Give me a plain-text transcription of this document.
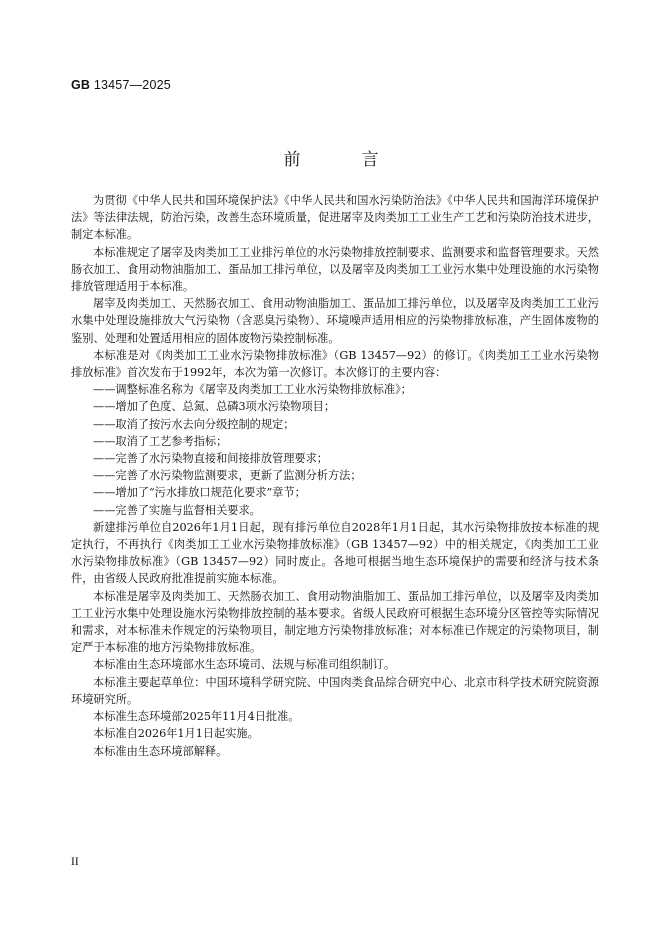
GB 13457—2025
前　言

为贯彻《中华人民共和国环境保护法》《中华人民共和国水污染防治法》《中华人民共和国海洋环境保护法》等法律法规，防治污染，改善生态环境质量，促进屠宰及肉类加工工业生产工艺和污染防治技术进步，制定本标准。

本标准规定了屠宰及肉类加工工业排污单位的水污染物排放控制要求、监测要求和监督管理要求。天然肠衣加工、食用动物油脂加工、蛋品加工排污单位，以及屠宰及肉类加工工业污水集中处理设施的水污染物排放管理适用于本标准。

屠宰及肉类加工、天然肠衣加工、食用动物油脂加工、蛋品加工排污单位，以及屠宰及肉类加工工业污水集中处理设施排放大气污染物（含恶臭污染物）、环境噪声适用相应的污染物排放标准，产生固体废物的鉴别、处理和处置适用相应的固体废物污染控制标准。

本标准是对《肉类加工工业水污染物排放标准》（GB 13457—92）的修订。《肉类加工工业水污染物排放标准》首次发布于1992年，本次为第一次修订。本次修订的主要内容：

——调整标准名称为《屠宰及肉类加工工业水污染物排放标准》；

——增加了色度、总氮、总磷3项水污染物项目；

——取消了按污水去向分级控制的规定；

——取消了工艺参考指标；

——完善了水污染物直接和间接排放管理要求；

——完善了水污染物监测要求，更新了监测分析方法；

——增加了“污水排放口规范化要求”章节；

——完善了实施与监督相关要求。

新建排污单位自2026年1月1日起，现有排污单位自2028年1月1日起，其水污染物排放按本标准的规定执行，不再执行《肉类加工工业水污染物排放标准》（GB 13457—92）中的相关规定，《肉类加工工业水污染物排放标准》（GB 13457—92）同时废止。各地可根据当地生态环境保护的需要和经济与技术条件，由省级人民政府批准提前实施本标准。

本标准是屠宰及肉类加工、天然肠衣加工、食用动物油脂加工、蛋品加工排污单位，以及屠宰及肉类加工工业污水集中处理设施水污染物排放控制的基本要求。省级人民政府可根据生态环境分区管控等实际情况和需求，对本标准未作规定的污染物项目，制定地方污染物排放标准；对本标准已作规定的污染物项目，制定严于本标准的地方污染物排放标准。

本标准由生态环境部水生态环境司、法规与标准司组织制订。

本标准主要起草单位：中国环境科学研究院、中国肉类食品综合研究中心、北京市科学技术研究院资源环境研究所。

本标准生态环境部2025年11月4日批准。

本标准自2026年1月1日起实施。

本标准由生态环境部解释。

II
